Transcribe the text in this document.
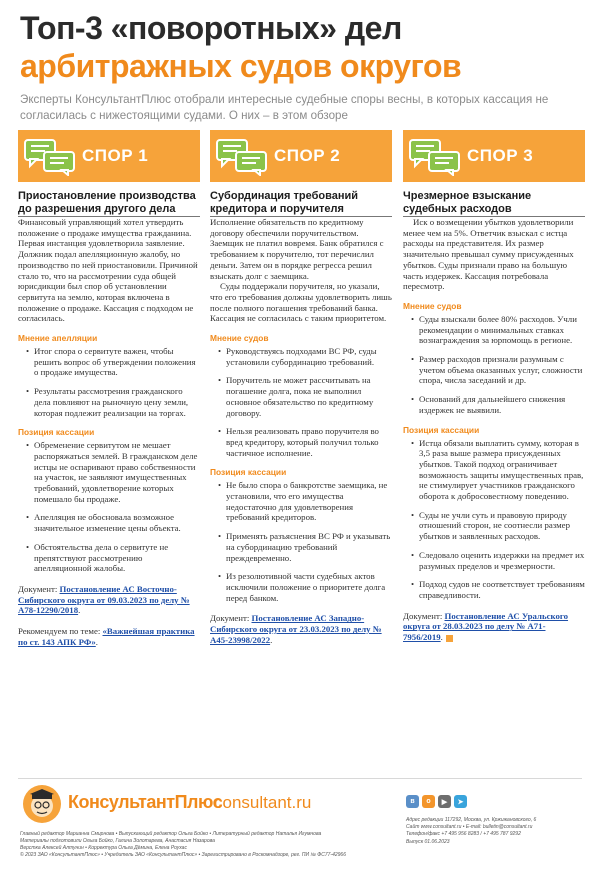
Топ-3 «поворотных» дел
арбитражных судов округов
Эксперты КонсультантПлюс отобрали интересные судебные споры весны, в которых кассация не согласилась с нижестоящими судами. О них – в этом обзоре
СПОР 1
Приостановление производства до разрешения другого дела

Финансовый управляющий хотел утвердить положение о продаже имущества гражданина. Первая инстанция удовлетворила заявление. Должник подал апелляционную жалобу, но производство по ней приостановили. Причиной стало то, что на рассмотрении суда общей юрисдикции был спор об установлении сервитута на землю, которая включена в положение о продаже. Кассация с подходом не согласилась.

Мнение апелляции
• Итог спора о сервитуте важен, чтобы решить вопрос об утверждении положения о продаже имущества.
• Результаты рассмотрения гражданского дела повлияют на рыночную цену земли, которая подлежит реализации на торгах.
Позиция кассации
• Обременение сервитутом не мешает распоряжаться землей. В гражданском деле истцы не оспаривают право собственности на участок, не заявляют имущественных требований, удовлетворение которых помешало бы продаже.
• Апелляция не обосновала возможное значительное изменение цены объекта.
• Обстоятельства дела о сервитуте не препятствуют рассмотрению апелляционной жалобы.
Документ: Постановление АС Восточно-Сибирского округа от 09.03.2023 по делу № А78-12290/2018.
Рекомендуем по теме: «Важнейшая практика по ст. 143 АПК РФ».
СПОР 2
Субординация требований кредитора и поручителя

Исполнение обязательств по кредитному договору обеспечили поручительством. Заемщик не платил вовремя. Банк обратился с требованием к поручителю, тот перечислил деньги. Затем он в порядке регресса решил взыскать долг с заемщика.

Суды поддержали поручителя, но указали, что его требования должны удовлетворить лишь после полного погашения требований банка. Кассация не согласилась с таким приоритетом.

Мнение судов
• Руководствуясь подходами ВС РФ, суды установили субординацию требований.
• Поручитель не может рассчитывать на погашение долга, пока не выполнил основное обязательство по кредитному договору.
• Нельзя реализовать право поручителя во вред кредитору, который получил только частичное исполнение.
Позиция кассации
• Не было спора о банкротстве заемщика, не установили, что его имущества недостаточно для удовлетворения требований кредиторов.
• Применять разъяснения ВС РФ и указывать на субординацию требований преждевременно.
• Из резолютивной части судебных актов исключили положение о приоритете долга перед банком.
Документ: Постановление АС Западно-Сибирского округа от 23.03.2023 по делу № А45-23998/2022.
СПОР 3
Чрезмерное взыскание судебных расходов

Иск о возмещении убытков удовлетворили менее чем на 5%. Ответчик взыскал с истца расходы на представителя. Их размер значительно превышал сумму присужденных убытков. Суды признали право на большую часть издержек. Кассация потребовала пересмотр.

Мнение судов
• Суды взыскали более 80% расходов. Учли рекомендации о минимальных ставках вознаграждения за юрпомощь в регионе.
• Размер расходов признали разумным с учетом объема оказанных услуг, сложности спора, числа заседаний и др.
• Оснований для дальнейшего снижения издержек не выявили.
Позиция кассации
• Истца обязали выплатить сумму, которая в 3,5 раза выше размера присужденных убытков. Такой подход ограничивает возможность защиты имущественных прав, не стимулирует участников гражданского оборота к добросовестному поведению.
• Суды не учли суть и правовую природу отношений сторон, не соотнесли размер убытков и заявленных расходов.
• Следовало оценить издержки на предмет их разумных пределов и чрезмерности.
• Подход судов не соответствует требованиям справедливости.
Документ: Постановление АС Уральского округа от 28.03.2023 по делу № А71-7956/2019.
КонсультантПлюс
consultant.ru	в	о	▶	➤
Главный редактор Марианна Смирнова • Выпускающий редактор Ольга Бойко • Литературный редактор Наталья Игумнова
Материалы подготовили Ольга Бойко, Галина Золотарева, Анастасия Назарова
Верстка Алексей Алтунин • Корректура Ольга Дёмина, Елена Роухас
© 2023 ЗАО «КонсультантПлюс» • Учредитель ЗАО «КонсультантПлюс» • Зарегистрировано в Роскомнадзоре, рег. ПИ № ФС77-42966
Адрес редакции 117292, Москва, ул. Кржижановского, 6
Сайт www.consultant.ru • E-mail: bulletin@consultant.ru
Телефон/факс +7 495 956 8283 / +7 495 787 9292
Выпуск 01.06.2023
